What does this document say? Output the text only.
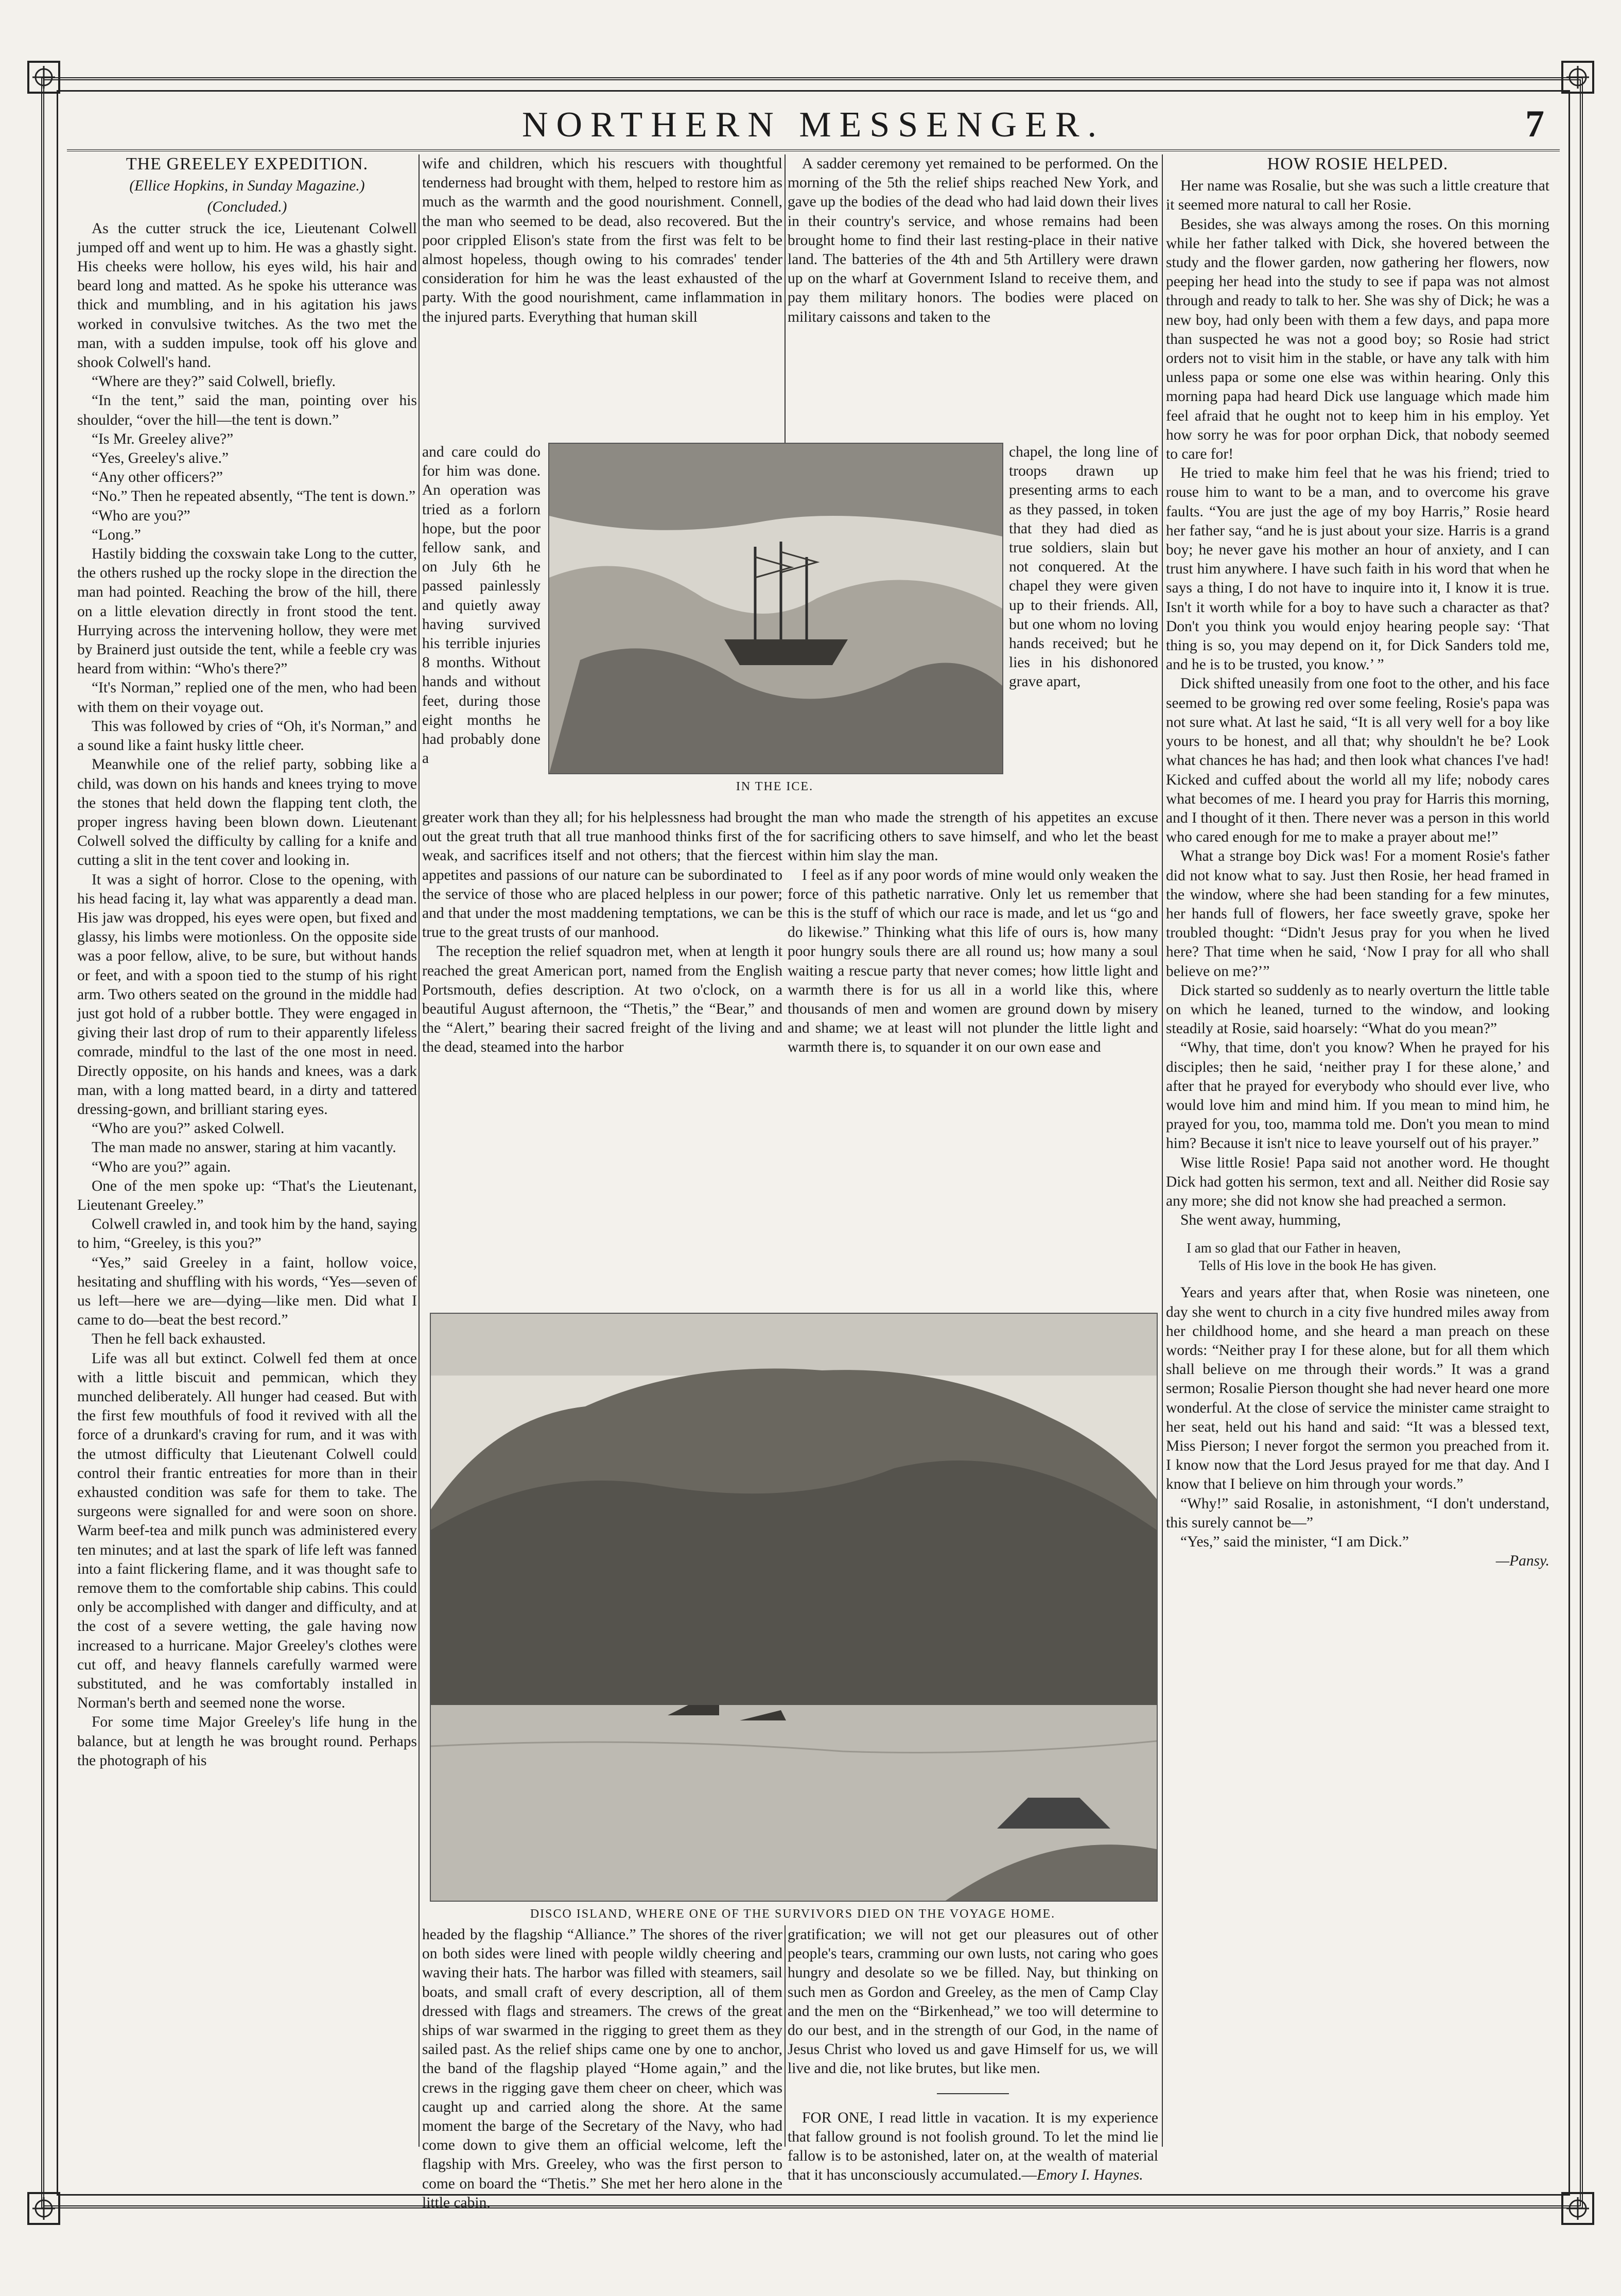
NORTHERN MESSENGER.	7
THE GREELEY EXPEDITION.
(Ellice Hopkins, in Sunday Magazine.)
(Concluded.)

As the cutter struck the ice, Lieutenant Colwell jumped off and went up to him. He was a ghastly sight. His cheeks were hollow, his eyes wild, his hair and beard long and matted. As he spoke his utterance was thick and mumbling, and in his agitation his jaws worked in convulsive twitches. As the two met the man, with a sudden impulse, took off his glove and shook Colwell's hand.

“Where are they?” said Colwell, briefly.

“In the tent,” said the man, pointing over his shoulder, “over the hill—the tent is down.”

“Is Mr. Greeley alive?”

“Yes, Greeley's alive.”

“Any other officers?”

“No.” Then he repeated absently, “The tent is down.”

“Who are you?”

“Long.”

Hastily bidding the coxswain take Long to the cutter, the others rushed up the rocky slope in the direction the man had pointed. Reaching the brow of the hill, there on a little elevation directly in front stood the tent. Hurrying across the intervening hollow, they were met by Brainerd just outside the tent, while a feeble cry was heard from within: “Who's there?”

“It's Norman,” replied one of the men, who had been with them on their voyage out.

This was followed by cries of “Oh, it's Norman,” and a sound like a faint husky little cheer.

Meanwhile one of the relief party, sobbing like a child, was down on his hands and knees trying to move the stones that held down the flapping tent cloth, the proper ingress having been blown down. Lieutenant Colwell solved the difficulty by calling for a knife and cutting a slit in the tent cover and looking in.

It was a sight of horror. Close to the opening, with his head facing it, lay what was apparently a dead man. His jaw was dropped, his eyes were open, but fixed and glassy, his limbs were motionless. On the opposite side was a poor fellow, alive, to be sure, but without hands or feet, and with a spoon tied to the stump of his right arm. Two others seated on the ground in the middle had just got hold of a rubber bottle. They were engaged in giving their last drop of rum to their apparently lifeless comrade, mindful to the last of the one most in need. Directly opposite, on his hands and knees, was a dark man, with a long matted beard, in a dirty and tattered dressing-gown, and brilliant staring eyes.

“Who are you?” asked Colwell.

The man made no answer, staring at him vacantly.

“Who are you?” again.

One of the men spoke up: “That's the Lieutenant, Lieutenant Greeley.”

Colwell crawled in, and took him by the hand, saying to him, “Greeley, is this you?”

“Yes,” said Greeley in a faint, hollow voice, hesitating and shuffling with his words, “Yes—seven of us left—here we are—dying—like men. Did what I came to do—beat the best record.”

Then he fell back exhausted.

Life was all but extinct. Colwell fed them at once with a little biscuit and pemmican, which they munched deliberately. All hunger had ceased. But with the first few mouthfuls of food it revived with all the force of a drunkard's craving for rum, and it was with the utmost difficulty that Lieutenant Colwell could control their frantic entreaties for more than in their exhausted condition was safe for them to take. The surgeons were signalled for and were soon on shore. Warm beef-tea and milk punch was administered every ten minutes; and at last the spark of life left was fanned into a faint flickering flame, and it was thought safe to remove them to the comfortable ship cabins. This could only be accomplished with danger and difficulty, and at the cost of a severe wetting, the gale having now increased to a hurricane. Major Greeley's clothes were cut off, and heavy flannels carefully warmed were substituted, and he was comfortably installed in Norman's berth and seemed none the worse.

For some time Major Greeley's life hung in the balance, but at length he was brought round. Perhaps the photograph of his

wife and children, which his rescuers with thoughtful tenderness had brought with them, helped to restore him as much as the warmth and the good nourishment. Connell, the man who seemed to be dead, also recovered. But the poor crippled Elison's state from the first was felt to be almost hopeless, though owing to his comrades' tender consideration for him he was the least exhausted of the party. With the good nourishment, came inflammation in the injured parts. Everything that human skill

A sadder ceremony yet remained to be performed. On the morning of the 5th the relief ships reached New York, and gave up the bodies of the dead who had laid down their lives in their country's service, and whose remains had been brought home to find their last resting-place in their native land. The batteries of the 4th and 5th Artillery were drawn up on the wharf at Government Island to receive them, and pay them military honors. The bodies were placed on military caissons and taken to the

and care could do for him was done. An operation was tried as a forlorn hope, but the poor fellow sank, and on July 6th he passed painlessly and quietly away having survived his terrible injuries 8 months. Without hands and without feet, during those eight months he had probably done a

chapel, the long line of troops drawn up presenting arms to each as they passed, in token that they had died as true soldiers, slain but not conquered. At the chapel they were given up to their friends. All, but one whom no loving hands received; but he lies in his dishonored grave apart,

IN THE ICE.

greater work than they all; for his helplessness had brought out the great truth that all true manhood thinks first of the weak, and sacrifices itself and not others; that the fiercest appetites and passions of our nature can be subordinated to the service of those who are placed helpless in our power; and that under the most maddening temptations, we can be true to the great trusts of our manhood.

The reception the relief squadron met, when at length it reached the great American port, named from the English Portsmouth, defies description. At two o'clock, on a beautiful August afternoon, the “Thetis,” the “Bear,” and the “Alert,” bearing their sacred freight of the living and the dead, steamed into the harbor

the man who made the strength of his appetites an excuse for sacrificing others to save himself, and who let the beast within him slay the man.

I feel as if any poor words of mine would only weaken the force of this pathetic narrative. Only let us remember that this is the stuff of which our race is made, and let us “go and do likewise.” Thinking what this life of ours is, how many poor hungry souls there are all round us; how many a soul waiting a rescue party that never comes; how little light and warmth there is for us all in a world like this, where thousands of men and women are ground down by misery and shame; we at least will not plunder the little light and warmth there is, to squander it on our own ease and

DISCO ISLAND, WHERE ONE OF THE SURVIVORS DIED ON THE VOYAGE HOME.

headed by the flagship “Alliance.” The shores of the river on both sides were lined with people wildly cheering and waving their hats. The harbor was filled with steamers, sail boats, and small craft of every description, all of them dressed with flags and streamers. The crews of the great ships of war swarmed in the rigging to greet them as they sailed past. As the relief ships came one by one to anchor, the band of the flagship played “Home again,” and the crews in the rigging gave them cheer on cheer, which was caught up and carried along the shore. At the same moment the barge of the Secretary of the Navy, who had come down to give them an official welcome, left the flagship with Mrs. Greeley, who was the first person to come on board the “Thetis.” She met her hero alone in the little cabin.

gratification; we will not get our pleasures out of other people's tears, cramming our own lusts, not caring who goes hungry and desolate so we be filled. Nay, but thinking on such men as Gordon and Greeley, as the men of Camp Clay and the men on the “Birkenhead,” we too will determine to do our best, and in the strength of our God, in the name of Jesus Christ who loved us and gave Himself for us, we will live and die, not like brutes, but like men.

FOR ONE, I read little in vacation. It is my experience that fallow ground is not foolish ground. To let the mind lie fallow is to be astonished, later on, at the wealth of material that it has unconsciously accumulated.—Emory I. Haynes.

HOW ROSIE HELPED.

Her name was Rosalie, but she was such a little creature that it seemed more natural to call her Rosie.

Besides, she was always among the roses. On this morning while her father talked with Dick, she hovered between the study and the flower garden, now gathering her flowers, now peeping her head into the study to see if papa was not almost through and ready to talk to her. She was shy of Dick; he was a new boy, had only been with them a few days, and papa more than suspected he was not a good boy; so Rosie had strict orders not to visit him in the stable, or have any talk with him unless papa or some one else was within hearing. Only this morning papa had heard Dick use language which made him feel afraid that he ought not to keep him in his employ. Yet how sorry he was for poor orphan Dick, that nobody seemed to care for!

He tried to make him feel that he was his friend; tried to rouse him to want to be a man, and to overcome his grave faults. “You are just the age of my boy Harris,” Rosie heard her father say, “and he is just about your size. Harris is a grand boy; he never gave his mother an hour of anxiety, and I can trust him anywhere. I have such faith in his word that when he says a thing, I do not have to inquire into it, I know it is true. Isn't it worth while for a boy to have such a character as that? Don't you think you would enjoy hearing people say: ‘That thing is so, you may depend on it, for Dick Sanders told me, and he is to be trusted, you know.’ ”

Dick shifted uneasily from one foot to the other, and his face seemed to be growing red over some feeling, Rosie's papa was not sure what. At last he said, “It is all very well for a boy like yours to be honest, and all that; why shouldn't he be? Look what chances he has had; and then look what chances I've had! Kicked and cuffed about the world all my life; nobody cares what becomes of me. I heard you pray for Harris this morning, and I thought of it then. There never was a person in this world who cared enough for me to make a prayer about me!”

What a strange boy Dick was! For a moment Rosie's father did not know what to say. Just then Rosie, her head framed in the window, where she had been standing for a few minutes, her hands full of flowers, her face sweetly grave, spoke her troubled thought: “Didn't Jesus pray for you when he lived here? That time when he said, ‘Now I pray for all who shall believe on me?’”

Dick started so suddenly as to nearly overturn the little table on which he leaned, turned to the window, and looking steadily at Rosie, said hoarsely: “What do you mean?”

“Why, that time, don't you know? When he prayed for his disciples; then he said, ‘neither pray I for these alone,’ and after that he prayed for everybody who should ever live, who would love him and mind him. If you mean to mind him, he prayed for you, too, mamma told me. Don't you mean to mind him? Because it isn't nice to leave yourself out of his prayer.”

Wise little Rosie! Papa said not another word. He thought Dick had gotten his sermon, text and all. Neither did Rosie say any more; she did not know she had preached a sermon.

She went away, humming,

I am so glad that our Father in heaven,
Tells of His love in the book He has given.

Years and years after that, when Rosie was nineteen, one day she went to church in a city five hundred miles away from her childhood home, and she heard a man preach on these words: “Neither pray I for these alone, but for all them which shall believe on me through their words.” It was a grand sermon; Rosalie Pierson thought she had never heard one more wonderful. At the close of service the minister came straight to her seat, held out his hand and said: “It was a blessed text, Miss Pierson; I never forgot the sermon you preached from it. I know now that the Lord Jesus prayed for me that day. And I know that I believe on him through your words.”

“Why!” said Rosalie, in astonishment, “I don't understand, this surely cannot be—”

“Yes,” said the minister, “I am Dick.”

—Pansy.
